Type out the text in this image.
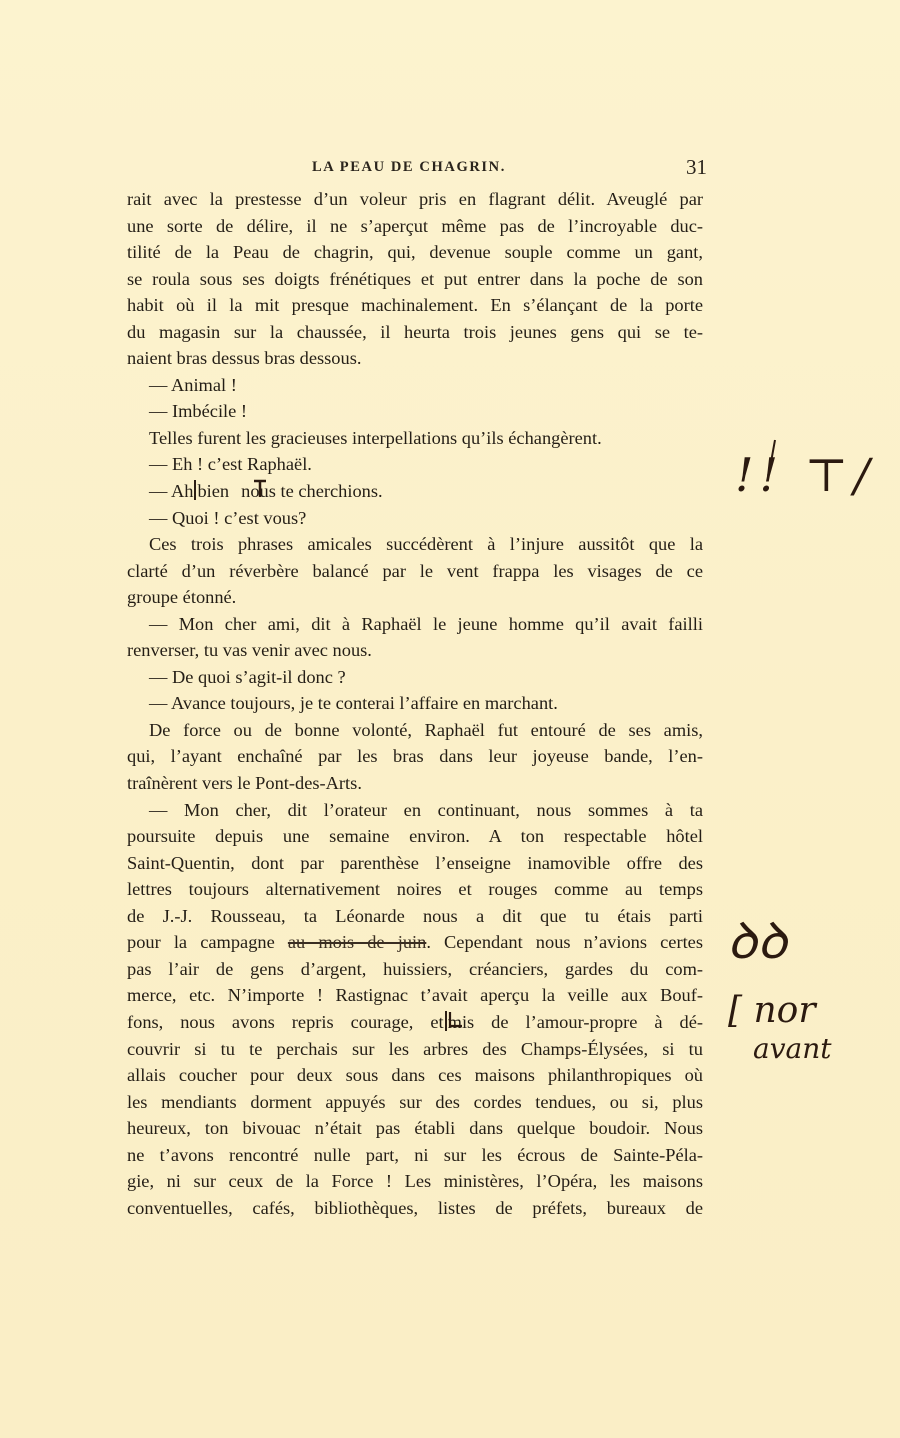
LA PEAU DE CHAGRIN.	31
rait avec la prestesse d’un voleur pris en flagrant délit. Aveuglé par
une sorte de délire, il ne s’aperçut même pas de l’incroyable duc-
tilité de la Peau de chagrin, qui, devenue souple comme un gant,
se roula sous ses doigts frénétiques et put entrer dans la poche de son
habit où il la mit presque machinalement. En s’élançant de la porte
du magasin sur la chaussée, il heurta trois jeunes gens qui se te-
naient bras dessus bras dessous.
— Animal !
— Imbécile !
Telles furent les gracieuses interpellations qu’ils échangèrent.
— Eh ! c’est Raphaël.
— Ah bien nous te cherchions.
— Quoi ! c’est vous?
Ces trois phrases amicales succédèrent à l’injure aussitôt que la
clarté d’un réverbère balancé par le vent frappa les visages de ce
groupe étonné.
— Mon cher ami, dit à Raphaël le jeune homme qu’il avait failli
renverser, tu vas venir avec nous.
— De quoi s’agit-il donc ?
— Avance toujours, je te conterai l’affaire en marchant.
De force ou de bonne volonté, Raphaël fut entouré de ses amis,
qui, l’ayant enchaîné par les bras dans leur joyeuse bande, l’en-
traînèrent vers le Pont-des-Arts.
— Mon cher, dit l’orateur en continuant, nous sommes à ta
poursuite depuis une semaine environ. A ton respectable hôtel
Saint-Quentin, dont par parenthèse l’enseigne inamovible offre des
lettres toujours alternativement noires et rouges comme au temps
de J.-J. Rousseau, ta Léonarde nous a dit que tu étais parti
pour la campagne au mois de juin. Cependant nous n’avions certes
pas l’air de gens d’argent, huissiers, créanciers, gardes du com-
merce, etc. N’importe ! Rastignac t’avait aperçu la veille aux Bouf-
fons, nous avons repris courage, et mis de l’amour-propre à dé-
couvrir si tu te perchais sur les arbres des Champs-Élysées, si tu
allais coucher pour deux sous dans ces maisons philanthropiques où
les mendiants dorment appuyés sur des cordes tendues, ou si, plus
heureux, ton bivouac n’était pas établi dans quelque boudoir. Nous
ne t’avons rencontré nulle part, ni sur les écrous de Sainte-Péla-
gie, ni sur ceux de la Force ! Les ministères, l’Opéra, les maisons
conventuelles, cafés, bibliothèques, listes de préfets, bureaux de
!! ⊤/
ꝺꝺ
[ nor
avant
